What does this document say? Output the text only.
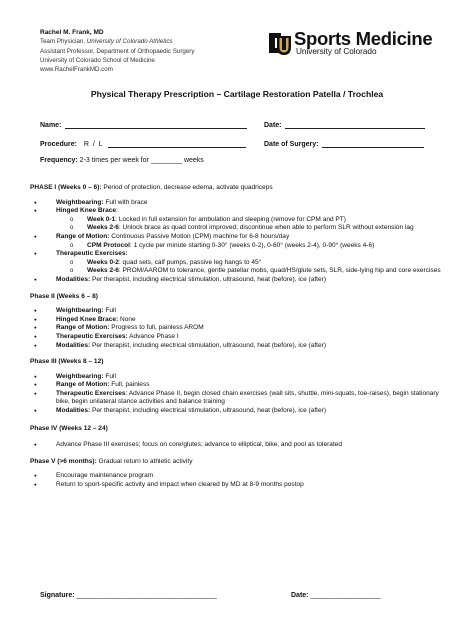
Rachel M. Frank, MD
Team Physician, University of Colorado Athletics
Assistant Professor, Department of Orthopaedic Surgery
University of Colorado School of Medicine
www.RachelFrankMD.com
Sports Medicine
University of Colorado
Physical Therapy Prescription – Cartilage Restoration Patella / Trochlea
Name:	Date:
Procedure: R  /  L	Date of Surgery:
Frequency: 2-3 times per week for ________ weeks

PHASE I (Weeks 0 – 6): Period of protection, decrease edema, activate quadriceps

● Weightbearing: Full with brace
● Hinged Knee Brace:
o Week 0-1: Locked in full extension for ambulation and sleeping (remove for CPM and PT)
o Weeks 2-6: Unlock brace as quad control improved; discontinue when able to perform SLR without extension lag
● Range of Motion: Continuous Passive Motion (CPM) machine for 6-8 hours/day
o CPM Protocol: 1 cycle per minute starting 0-30° (weeks 0-2), 0-60° (weeks 2-4), 0-90° (weeks 4-6)
● Therapeutic Exercises:
o Weeks 0-2: quad sets, calf pumps, passive leg hangs to 45°
o Weeks 2-6: PROM/AAROM to tolerance, gentle patellar mobs, quad/HS/glute sets, SLR, side-lying hip and core exercises
● Modalities: Per therapist, including electrical stimulation, ultrasound, heat (before), ice (after)

Phase II (Weeks 6 – 8)

● Weightbearing: Full
● Hinged Knee Brace: None
● Range of Motion: Progress to full, painless AROM
● Therapeutic Exercises: Advance Phase I
● Modalities: Per therapist, including electrical stimulation, ultrasound, heat (before), ice (after)

Phase III (Weeks 8 – 12)

● Weightbearing: Full
● Range of Motion: Full, painless
● Therapeutic Exercises: Advance Phase II, begin closed chain exercises (wall sits, shuttle, mini-squats, toe-raises), begin stationary bike, begin unilateral stance activities and balance training
● Modalities: Per therapist, including electrical stimulation, ultrasound, heat (before), ice (after)

Phase IV (Weeks 12 – 24)

● Advance Phase III exercises; focus on core/glutes; advance to elliptical, bike, and pool as tolerated

Phase V (>6 months): Gradual return to athletic activity

● Encourage maintenance program
● Return to sport-specific activity and impact when cleared by MD at 8-9 months postop
Signature: ____________________________________	Date: __________________
